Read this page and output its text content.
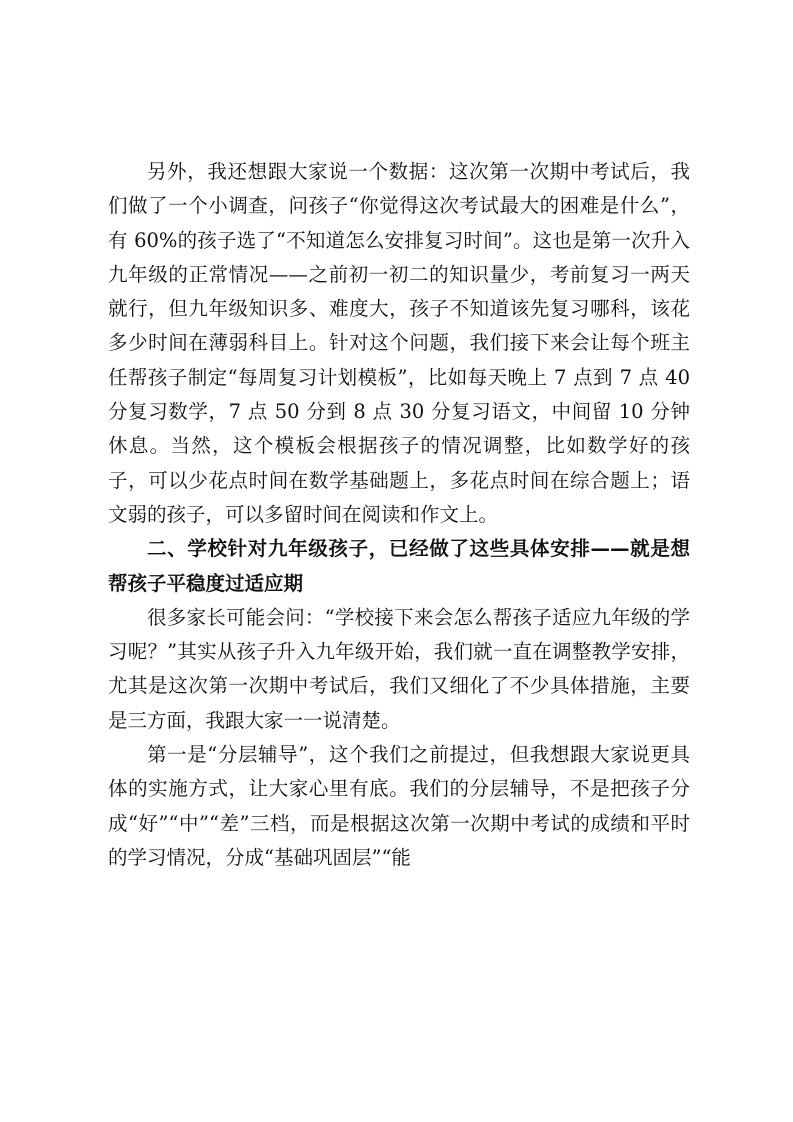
另外，我还想跟大家说一个数据：这次第一次期中考试后，我们做了一个小调查，问孩子“你觉得这次考试最大的困难是什么”，有 60%的孩子选了“不知道怎么安排复习时间”。这也是第一次升入九年级的正常情况——之前初一初二的知识量少，考前复习一两天就行，但九年级知识多、难度大，孩子不知道该先复习哪科，该花多少时间在薄弱科目上。针对这个问题，我们接下来会让每个班主任帮孩子制定“每周复习计划模板”，比如每天晚上 7 点到 7 点 40 分复习数学，7 点 50 分到 8 点 30 分复习语文，中间留 10 分钟休息。当然，这个模板会根据孩子的情况调整，比如数学好的孩子，可以少花点时间在数学基础题上，多花点时间在综合题上；语文弱的孩子，可以多留时间在阅读和作文上。

二、学校针对九年级孩子，已经做了这些具体安排——就是想帮孩子平稳度过适应期

很多家长可能会问：“学校接下来会怎么帮孩子适应九年级的学习呢？”其实从孩子升入九年级开始，我们就一直在调整教学安排，尤其是这次第一次期中考试后，我们又细化了不少具体措施，主要是三方面，我跟大家一一说清楚。

第一是“分层辅导”，这个我们之前提过，但我想跟大家说更具体的实施方式，让大家心里有底。我们的分层辅导，不是把孩子分成“好”“中”“差”三档，而是根据这次第一次期中考试的成绩和平时的学习情况，分成“基础巩固层”“能
